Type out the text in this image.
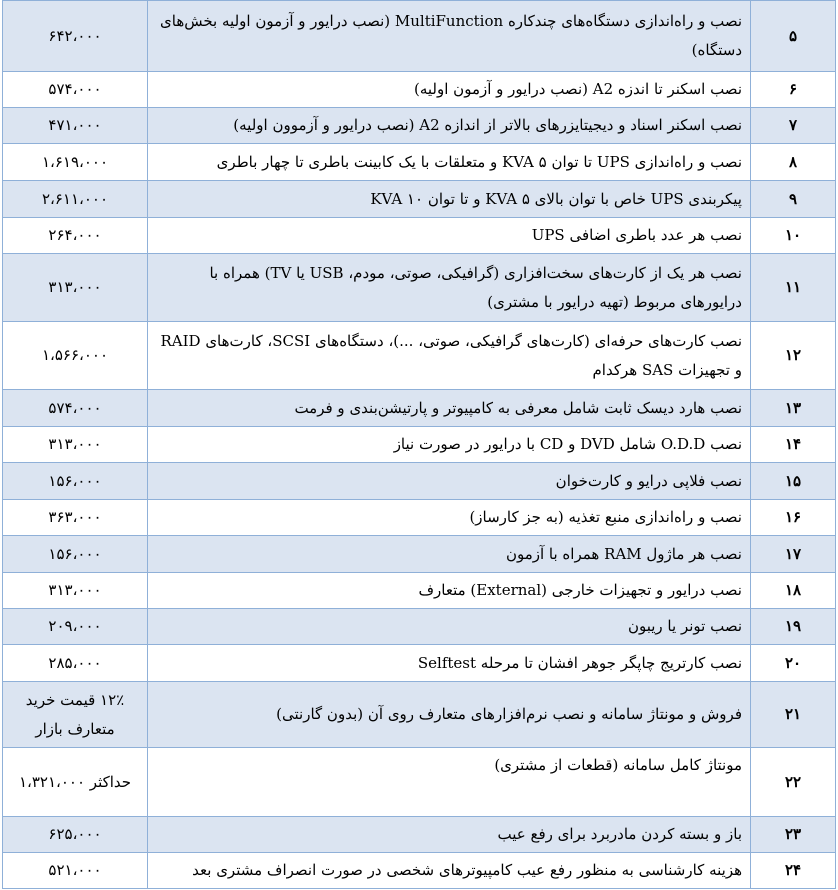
۵	نصب و راه‌اندازی دستگاه‌های چندکاره MultiFunction (نصب درایور و آزمون اولیه بخش‌های دستگاه)	۶۴۲،۰۰۰
۶	نصب اسکنر تا اندزه A2 (نصب درایور و آزمون اولیه)	۵۷۴،۰۰۰
۷	نصب اسکنر اسناد و دیجیتایزرهای بالاتر از اندازه A2 (نصب درایور و آزموون اولیه)	۴۷۱،۰۰۰
۸	نصب و راه‌اندازی UPS تا توان KVA ۵ و متعلقات با یک کابینت باطری تا چهار باطری	۱،۶۱۹،۰۰۰
۹	پیکربندی UPS خاص با توان بالای KVA ۵ و تا توان KVA ۱۰	۲،۶۱۱،۰۰۰
۱۰	نصب هر عدد باطری اضافی UPS	۲۶۴،۰۰۰
۱۱	نصب هر یک از کارت‌های سخت‌افزاری (گرافیکی، صوتی، مودم، USB یا TV) همراه با درایورهای مربوط (تهیه درایور با مشتری)	۳۱۳،۰۰۰
۱۲	نصب کارت‌های حرفه‌ای (کارت‌های گرافیکی، صوتی، ...)، دستگاه‌های SCSI، کارت‌های RAID و تجهیزات SAS هرکدام	۱،۵۶۶،۰۰۰
۱۳	نصب هارد دیسک ثابت شامل معرفی به کامپیوتر و پارتیشن‌بندی و فرمت	۵۷۴،۰۰۰
۱۴	نصب O.D.D شامل DVD و CD با درایور در صورت نیاز	۳۱۳،۰۰۰
۱۵	نصب فلاپی درایو و کارت‌خوان	۱۵۶،۰۰۰
۱۶	نصب و راه‌اندازی منبع تغذیه (به جز کارساز)	۳۶۳،۰۰۰
۱۷	نصب هر ماژول RAM همراه با آزمون	۱۵۶،۰۰۰
۱۸	نصب درایور و تجهیزات خارجی (External) متعارف	۳۱۳،۰۰۰
۱۹	نصب تونر یا ریبون	۲۰۹،۰۰۰
۲۰	نصب کارتریج چاپگر جوهر افشان تا مرحله Selftest	۲۸۵،۰۰۰
۲۱	فروش و مونتاژ سامانه و نصب نرم‌افزارهای متعارف روی آن (بدون گارنتی)	۱۲٪ قیمت خرید متعارف بازار
۲۲	مونتاژ کامل سامانه (قطعات از مشتری)	حداکثر ۱،۳۲۱،۰۰۰
۲۳	باز و بسته کردن مادربرد برای رفع عیب	۶۲۵،۰۰۰
۲۴	هزینه کارشناسی به منظور رفع عیب کامپیوترهای شخصی در صورت انصراف مشتری بعد	۵۲۱،۰۰۰
